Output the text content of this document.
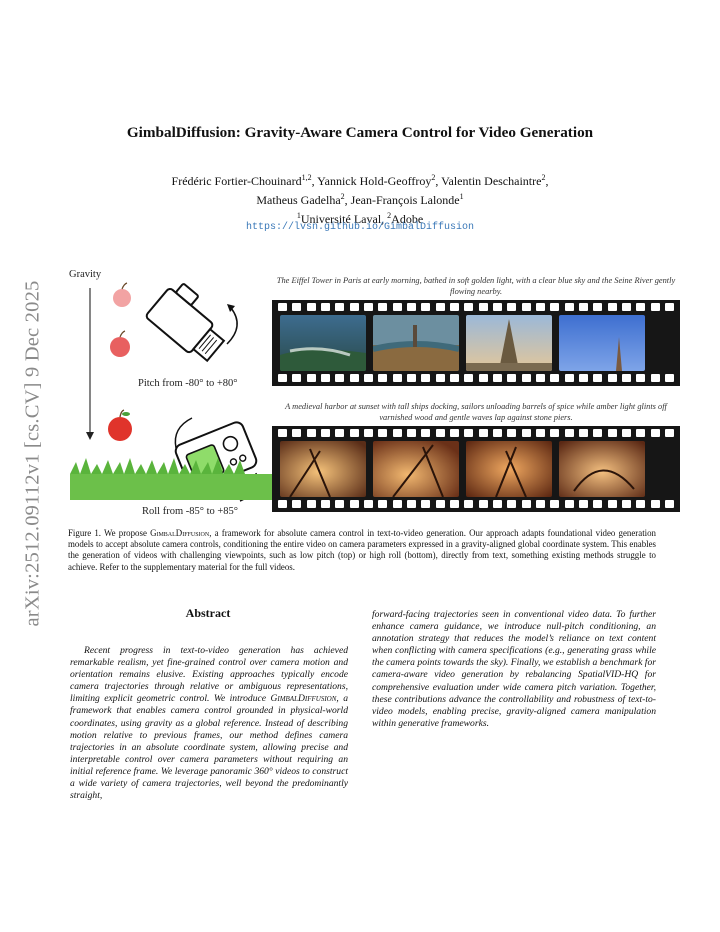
arXiv:2512.09112v1 [cs.CV] 9 Dec 2025
GimbalDiffusion: Gravity-Aware Camera Control for Video Generation
Frédéric Fortier-Chouinard$^{1,2}$, Yannick Hold-Geoffroy$^2$, Valentin Deschaintre$^2$,
Matheus Gadelha$^2$, Jean-François Lalonde$^1$
$^1$Université Laval, $^2$Adobe
https://lvsn.github.io/GimbalDiffusion
Gravity
Pitch from -80° to +80°
Roll from -85° to +85°
The Eiffel Tower in Paris at early morning, bathed in soft golden light, with a clear blue sky and the Seine River gently flowing nearby.
A medieval harbor at sunset with tall ships docking, sailors unloading barrels of spice while amber light glints off varnished wood and gentle waves lap against stone piers.
Figure 1. We propose GimbalDiffusion, a framework for absolute camera control in text-to-video generation. Our approach adapts foundational video generation models to accept absolute camera controls, conditioning the entire video on camera parameters expressed in a gravity-aligned global coordinate system. This enables the generation of videos with challenging viewpoints, such as low pitch (top) or high roll (bottom), directly from text, something existing methods struggle to achieve. Refer to the supplementary material for the full videos.
Abstract

Recent progress in text-to-video generation has achieved remarkable realism, yet fine-grained control over camera motion and orientation remains elusive. Existing approaches typically encode camera trajectories through relative or ambiguous representations, limiting explicit geometric control. We introduce GimbalDiffusion, a framework that enables camera control grounded in physical-world coordinates, using gravity as a global reference. Instead of describing motion relative to previous frames, our method defines camera trajectories in an absolute coordinate system, allowing precise and interpretable control over camera parameters without requiring an initial reference frame. We leverage panoramic 360° videos to construct a wide variety of camera trajectories, well beyond the predominantly straight,

forward-facing trajectories seen in conventional video data. To further enhance camera guidance, we introduce null-pitch conditioning, an annotation strategy that reduces the model’s reliance on text content when conflicting with camera specifications (e.g., generating grass while the camera points towards the sky). Finally, we establish a benchmark for camera-aware video generation by rebalancing SpatialVID-HQ for comprehensive evaluation under wide camera pitch variation. Together, these contributions advance the controllability and robustness of text-to-video models, enabling precise, gravity-aligned camera manipulation within generative frameworks.
